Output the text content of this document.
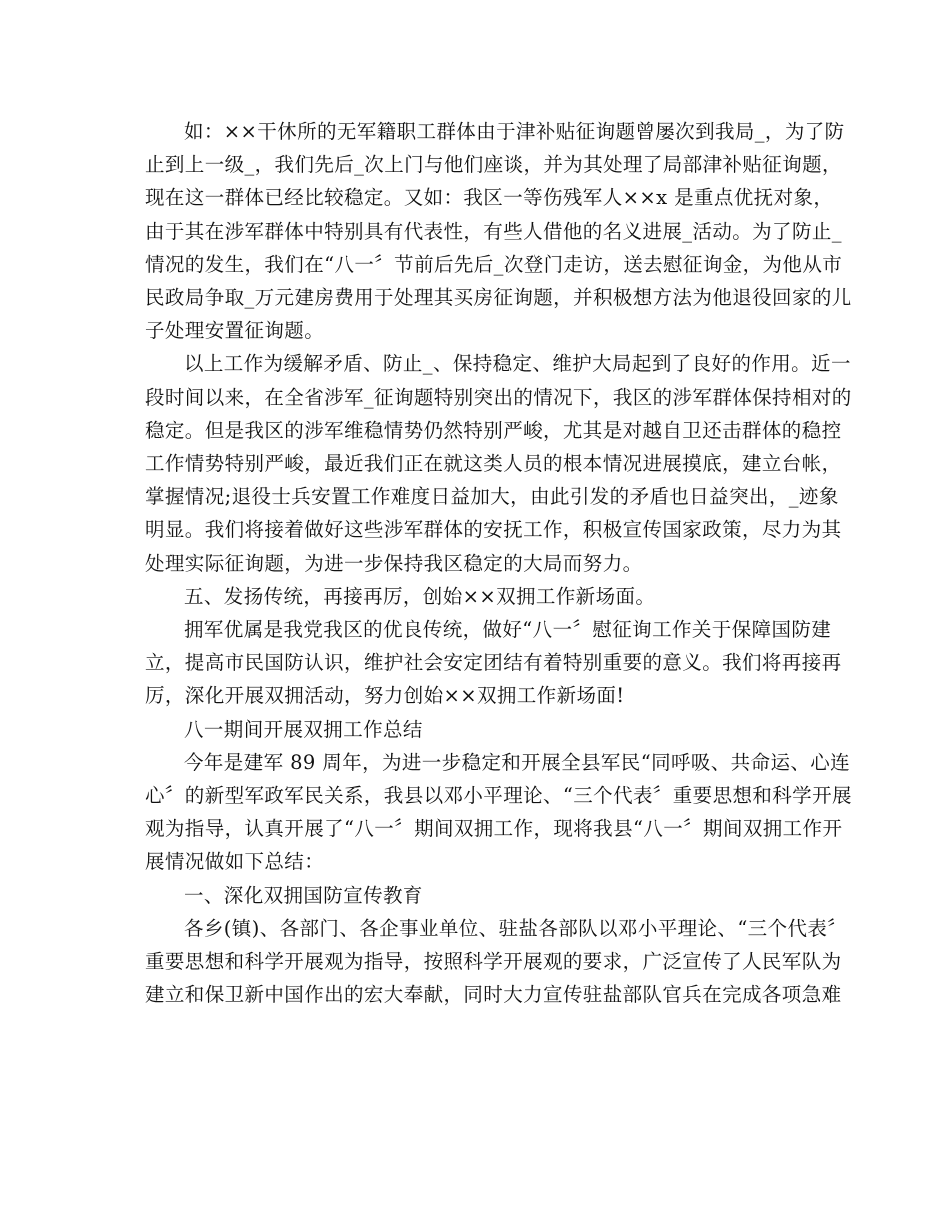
如：××干休所的无军籍职工群体由于津补贴征询题曾屡次到我局_，为了防
止到上一级_，我们先后_次上门与他们座谈，并为其处理了局部津补贴征询题，
现在这一群体已经比较稳定。又如：我区一等伤残军人××x 是重点优抚对象，
由于其在涉军群体中特别具有代表性，有些人借他的名义进展_活动。为了防止_
情况的发生，我们在“八一〞节前后先后_次登门走访，送去慰征询金，为他从市
民政局争取_万元建房费用于处理其买房征询题，并积极想方法为他退役回家的儿
子处理安置征询题。
以上工作为缓解矛盾、防止_、保持稳定、维护大局起到了良好的作用。近一
段时间以来，在全省涉军_征询题特别突出的情况下，我区的涉军群体保持相对的
稳定。但是我区的涉军维稳情势仍然特别严峻，尤其是对越自卫还击群体的稳控
工作情势特别严峻，最近我们正在就这类人员的根本情况进展摸底，建立台帐，
掌握情况;退役士兵安置工作难度日益加大，由此引发的矛盾也日益突出，_迹象
明显。我们将接着做好这些涉军群体的安抚工作，积极宣传国家政策，尽力为其
处理实际征询题，为进一步保持我区稳定的大局而努力。
五、发扬传统，再接再厉，创始××双拥工作新场面。
拥军优属是我党我区的优良传统，做好“八一〞慰征询工作关于保障国防建
立，提高市民国防认识，维护社会安定团结有着特别重要的意义。我们将再接再
厉，深化开展双拥活动，努力创始××双拥工作新场面!
八一期间开展双拥工作总结
今年是建军 89 周年，为进一步稳定和开展全县军民“同呼吸、共命运、心连
心〞的新型军政军民关系，我县以邓小平理论、“三个代表〞重要思想和科学开展
观为指导，认真开展了“八一〞期间双拥工作，现将我县“八一〞期间双拥工作开
展情况做如下总结：
一、深化双拥国防宣传教育
各乡(镇)、各部门、各企事业单位、驻盐各部队以邓小平理论、“三个代表〞
重要思想和科学开展观为指导，按照科学开展观的要求，广泛宣传了人民军队为
建立和保卫新中国作出的宏大奉献，同时大力宣传驻盐部队官兵在完成各项急难
